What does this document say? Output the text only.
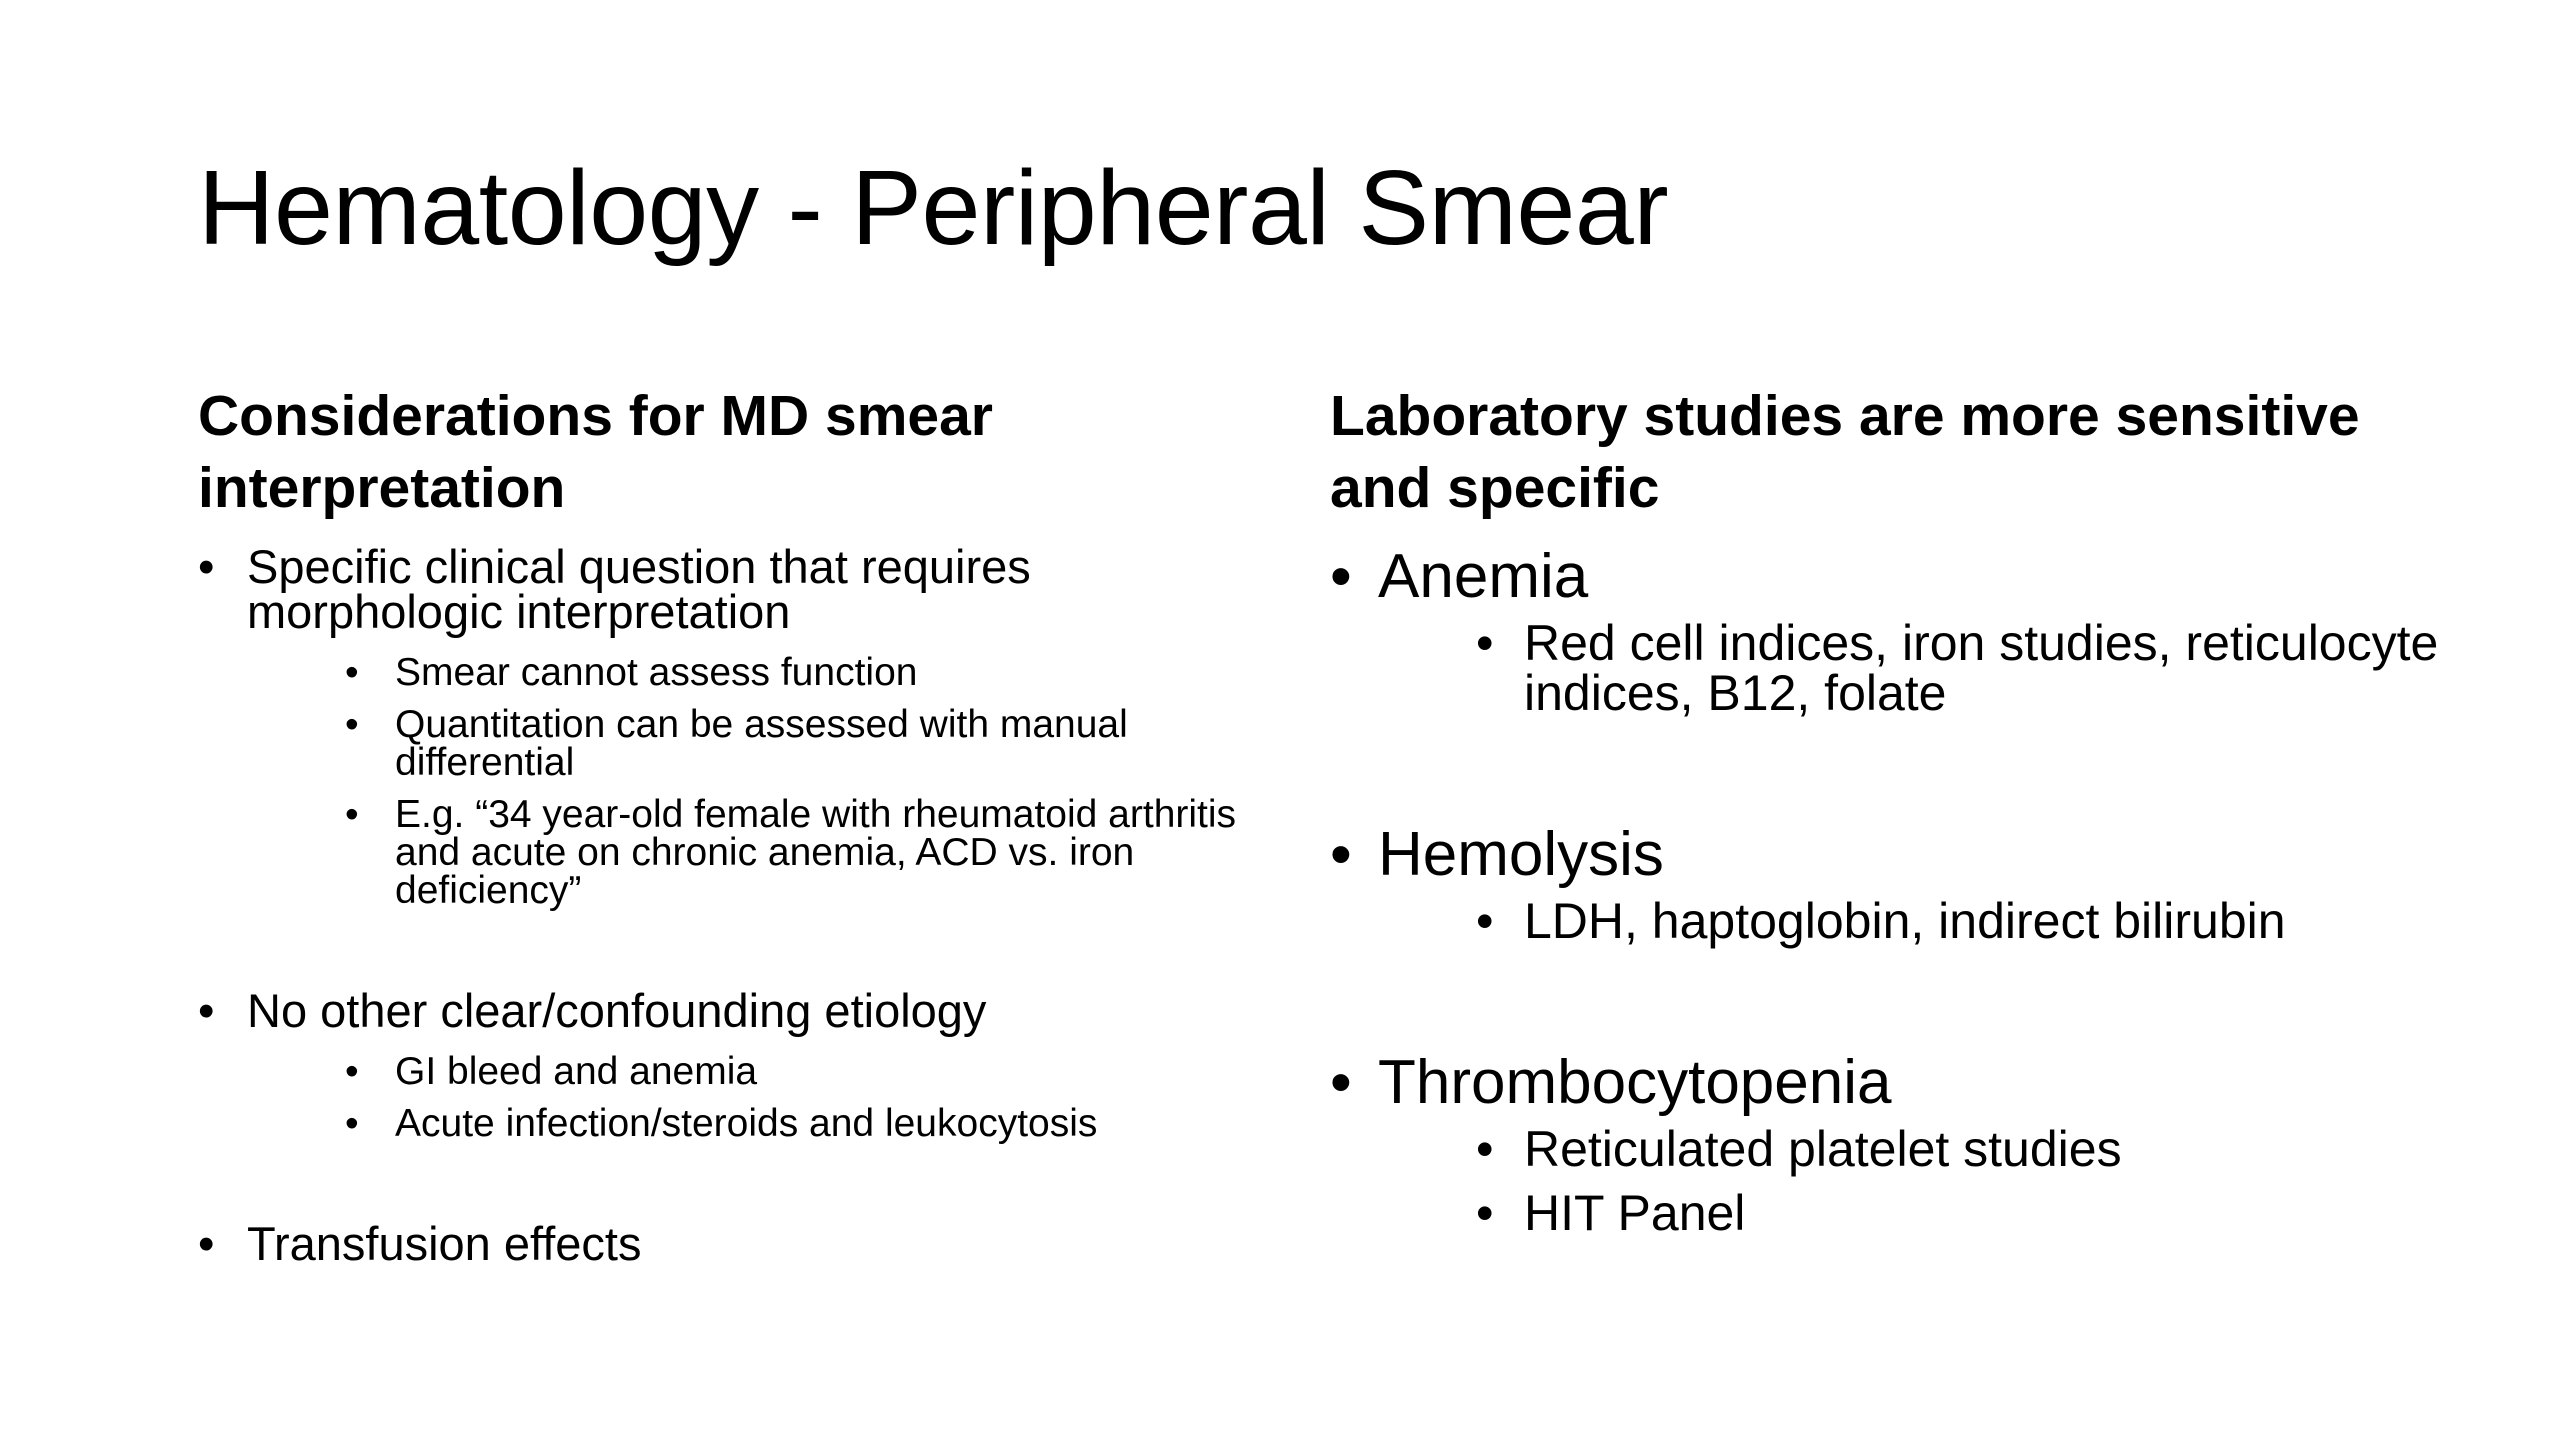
Hematology - Peripheral Smear
Considerations for MD smear interpretation
• Specific clinical question that requires morphologic interpretation
• Smear cannot assess function
• Quantitation can be assessed with manual differential
• E.g. “34 year-old female with rheumatoid arthritis and acute on chronic anemia, ACD vs. iron deficiency”
• No other clear/confounding etiology
• GI bleed and anemia
• Acute infection/steroids and leukocytosis
• Transfusion effects
Laboratory studies are more sensitive and specific
• Anemia
• Red cell indices, iron studies, reticulocyte indices, B12, folate
• Hemolysis
• LDH, haptoglobin, indirect bilirubin
• Thrombocytopenia
• Reticulated platelet studies
• HIT Panel
